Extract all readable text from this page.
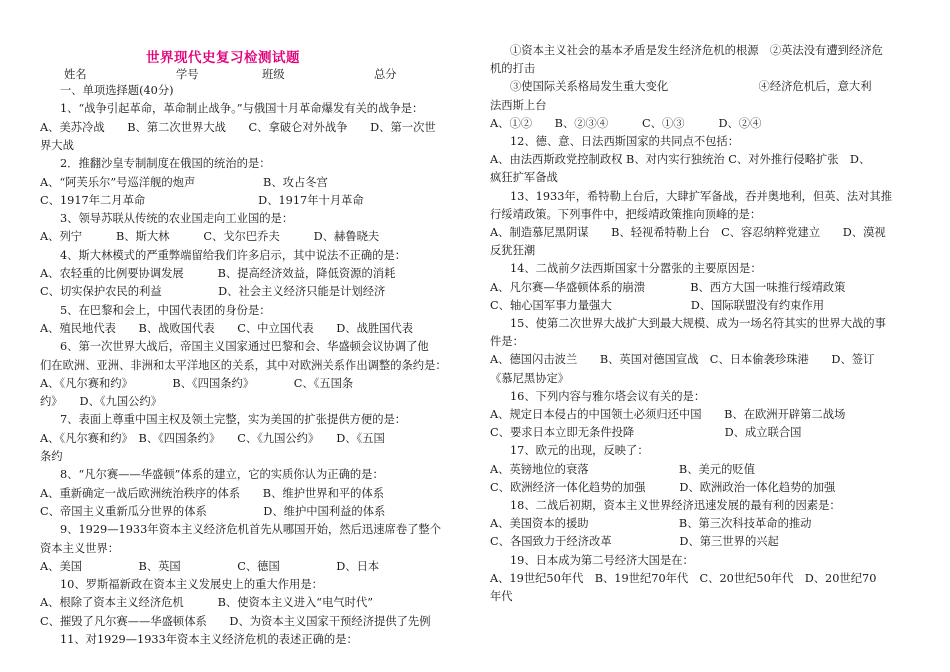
世界现代史复习检测试题
姓名	学号	班级	总分
一、单项选择题(40分)
1、“战争引起革命，革命制止战争。”与俄国十月革命爆发有关的战争是：
A、美苏冷战　　B、第二次世界大战　　C、拿破仑对外战争　　D、第一次世
界大战
2．推翻沙皇专制制度在俄国的统治的是：
A、“阿芙乐尔”号巡洋舰的炮声　　　　　　B、攻占冬宫
C、1917年二月革命　　　　　　　　　　D、1917年十月革命
3、领导苏联从传统的农业国走向工业国的是：
A、列宁　　　B、斯大林　　　C、戈尔巴乔夫　　　D、赫鲁晓夫
4、斯大林模式的严重弊端留给我们许多启示，其中说法不正确的是：
A、农轻重的比例要协调发展　　　B、提高经济效益，降低资源的消耗
C、切实保护农民的利益　　　　　D、社会主义经济只能是计划经济
5、在巴黎和会上，中国代表团的身份是：
A、殖民地代表　　B、战败国代表　　C、中立国代表　　D、战胜国代表
6、第一次世界大战后，帝国主义国家通过巴黎和会、华盛顿会议协调了他
们在欧洲、亚洲、非洲和太平洋地区的关系，其中对欧洲关系作出调整的条约是：
A、《凡尔赛和约》　　　　B、《四国条约》　　　　C、《五国条
约》　　D、《九国公约》
7、表面上尊重中国主权及领土完整，实为美国的扩张提供方便的是：
A、《凡尔赛和约》　B、《四国条约》　　C、《九国公约》　　D、《五国
条约
8、“凡尔赛——华盛顿”体系的建立，它的实质你认为正确的是：
A、重新确定一战后欧洲统治秩序的体系　　B、维护世界和平的体系
C、帝国主义重新瓜分世界的体系　　　　　D、维护中国利益的体系
9、1929—1933年资本主义经济危机首先从哪国开始，然后迅速席卷了整个
资本主义世界：
A、美国　　　　　B、英国　　　　　C、德国　　　　　D、日本
10、罗斯福新政在资本主义发展史上的重大作用是：
A、根除了资本主义经济危机　　　B、使资本主义进入“电气时代”
C、摧毁了凡尔赛——华盛顿体系　　D、为资本主义国家干预经济提供了先例
11、对1929—1933年资本主义经济危机的表述正确的是：
①资本主义社会的基本矛盾是发生经济危机的根源　②英法没有遭到经济危
机的打击
③使国际关系格局发生重大变化　　　　　　　　④经济危机后，意大利
法西斯上台
A、①②　　B、②③④　　　C、①③　　　D、②④
12、德、意、日法西斯国家的共同点不包括：
A、由法西斯政党控制政权 B、对内实行独统治 C、对外推行侵略扩张　D、
疯狂扩军备战
13、1933年，希特勒上台后，大肆扩军备战，吞并奥地利，但英、法对其推
行绥靖政策。下列事件中，把绥靖政策推向顶峰的是：
A、制造慕尼黑阴谋　　B、轻视希特勒上台　C、容忍纳粹党建立　　D、漠视
反犹狂潮
14、二战前夕法西斯国家十分嚣张的主要原因是：
A、凡尔赛—华盛顿体系的崩溃　　　　B、西方大国一味推行绥靖政策
C、轴心国军事力量强大　　　　　　　D、国际联盟没有约束作用
15、使第二次世界大战扩大到最大规模、成为一场名符其实的世界大战的事
件是：
A、德国闪击波兰　　B、英国对德国宣战　C、日本偷袭珍珠港　　D、签订
《慕尼黑协定》
16、下列内容与雅尔塔会议有关的是：
A、规定日本侵占的中国领土必须归还中国　　B、在欧洲开辟第二战场
C、要求日本立即无条件投降　　　　　　　　D、成立联合国
17、欧元的出现，反映了：
A、英镑地位的衰落　　　　　　　　B、美元的贬值
C、欧洲经济一体化趋势的加强　　　D、欧洲政治一体化趋势的加强
18、二战后初期，资本主义世界经济迅速发展的最有利的因素是：
A、美国资本的援助　　　　　　　　B、第三次科技革命的推动
C、各国致力于经济改革　　　　　　D、第三世界的兴起
19、日本成为第二号经济大国是在：
A、19世纪50年代　B、19世纪70年代　C、20世纪50年代　D、20世纪70
年代
